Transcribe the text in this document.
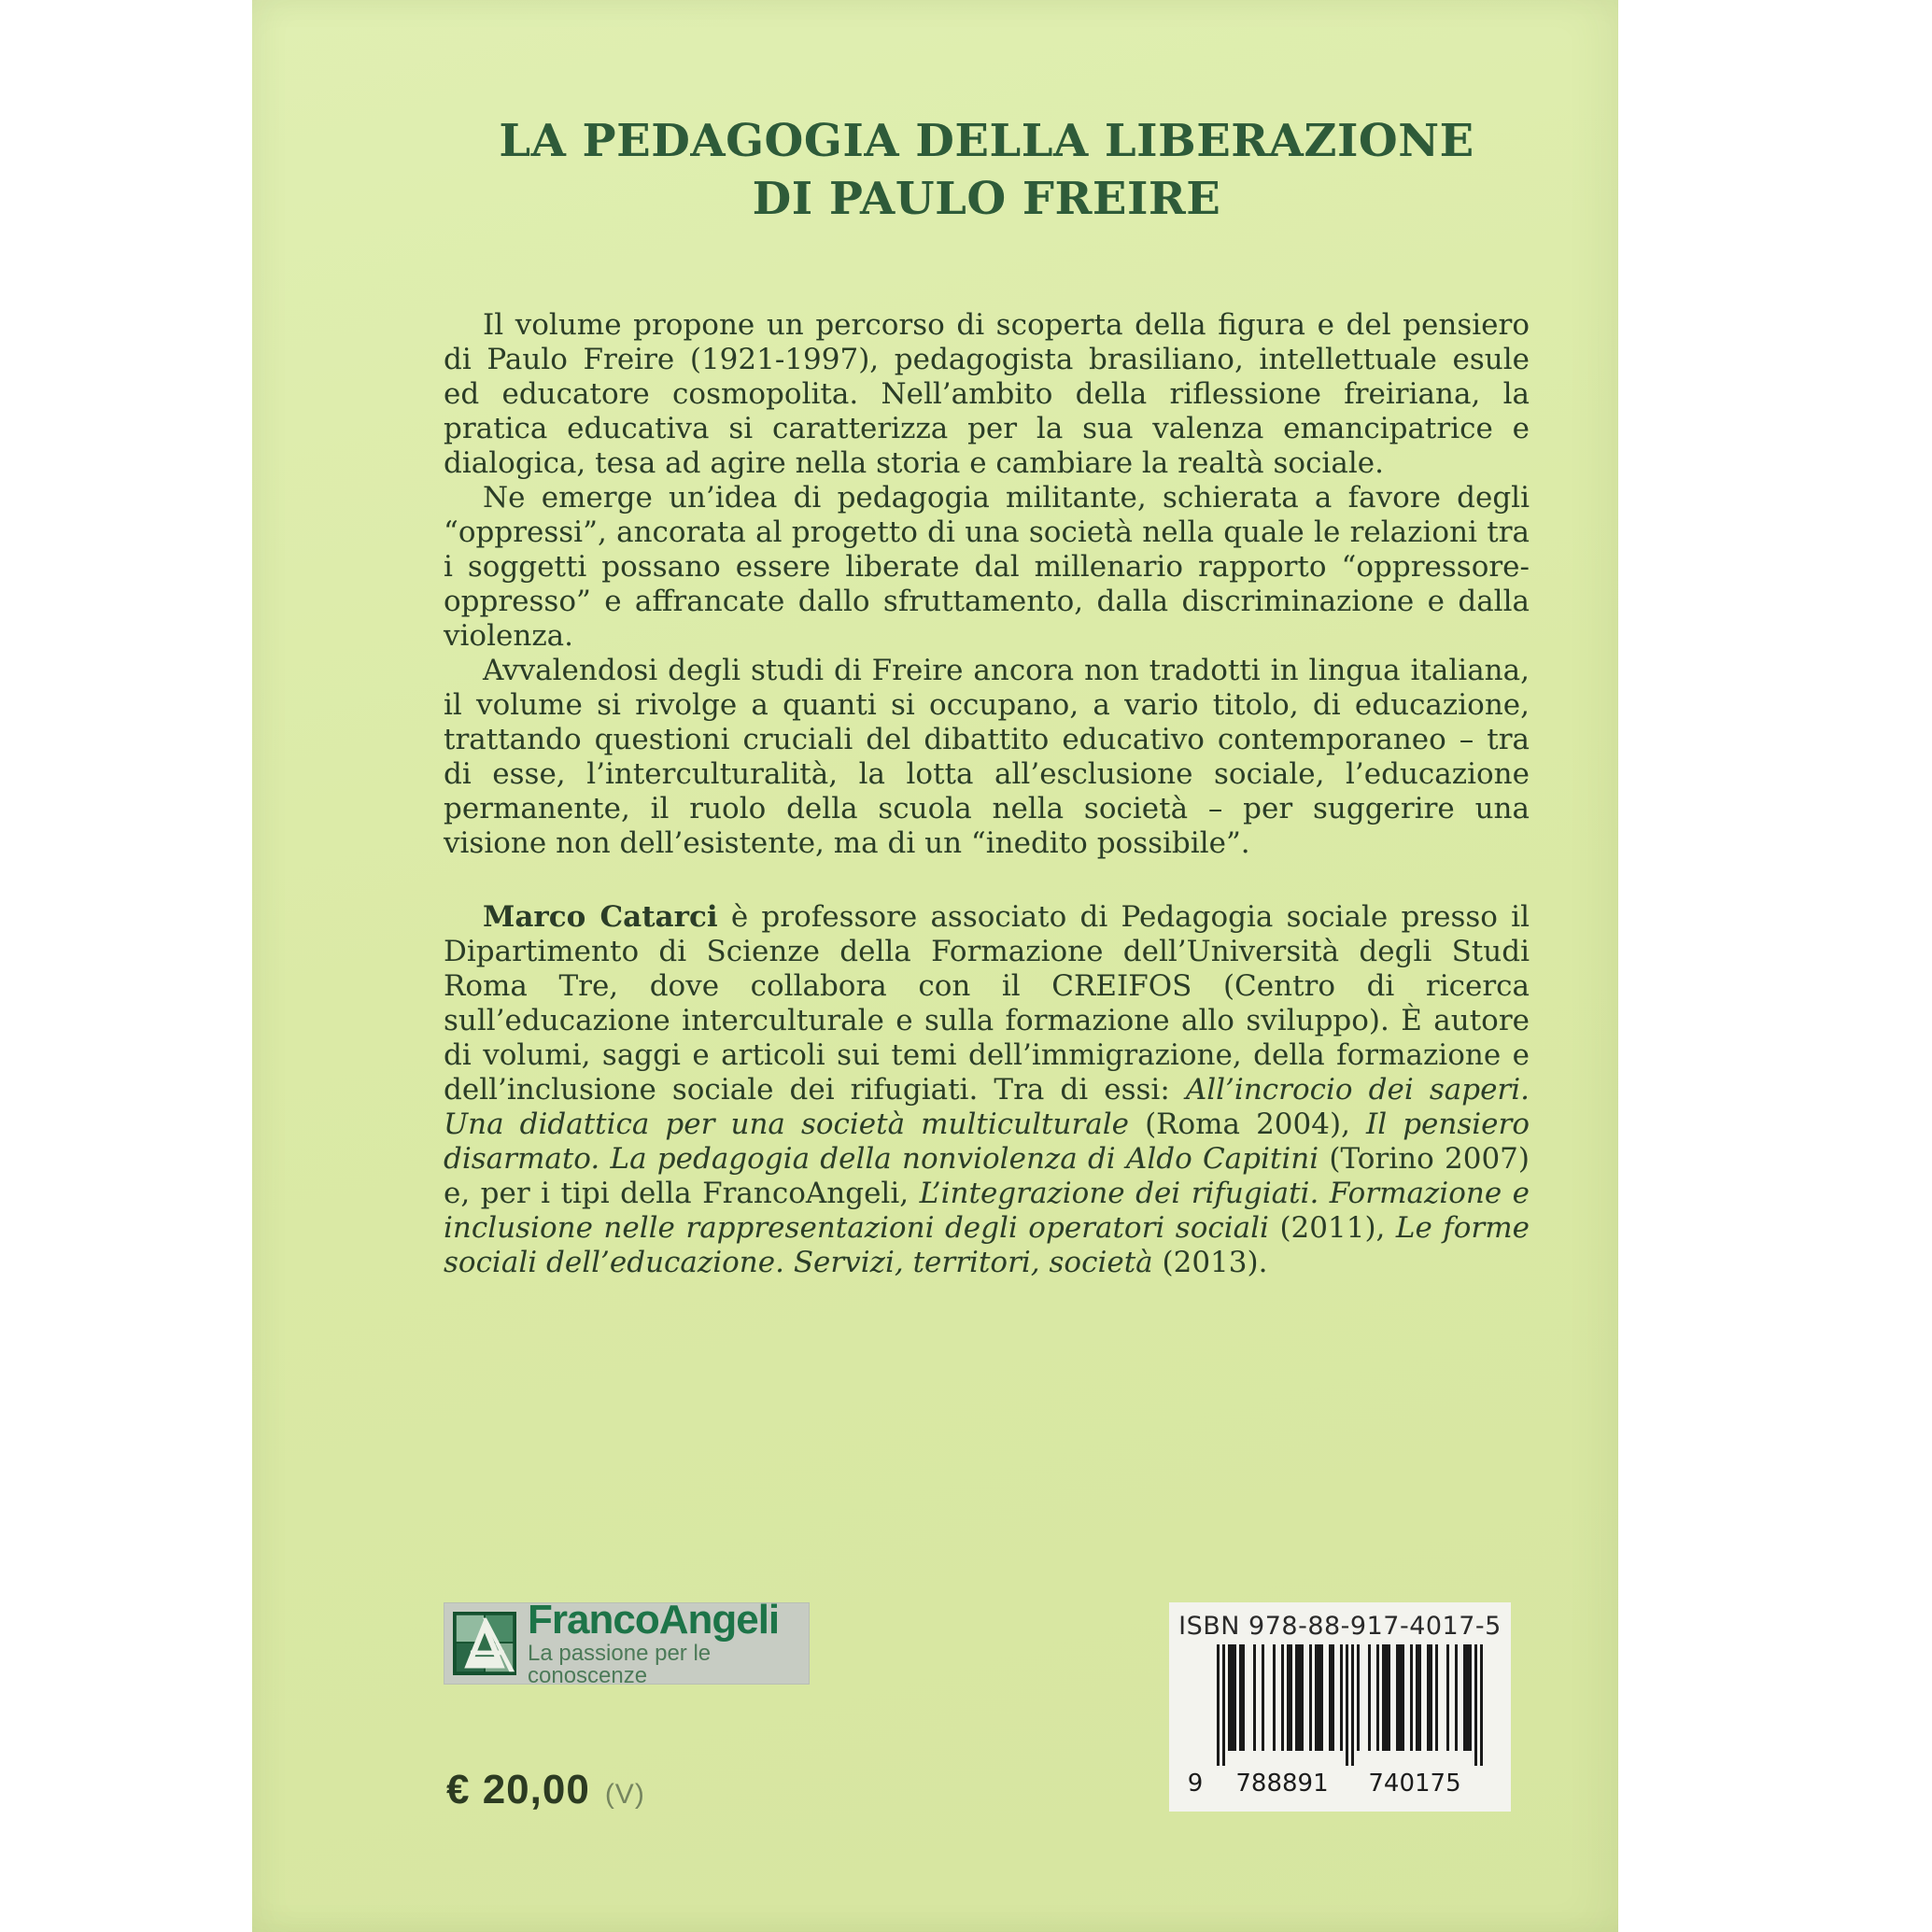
LA PEDAGOGIA DELLA LIBERAZIONE
DI PAULO FREIRE

Il volume propone un percorso di scoperta della figura e del pensiero di Paulo Freire (1921-1997), pedagogista brasiliano, intellettuale esule ed educatore cosmopolita. Nell’ambito della riflessione freiriana, la pratica educativa si caratterizza per la sua valenza emancipatrice e dialogica, tesa ad agire nella storia e cambiare la realtà sociale.

Ne emerge un’idea di pedagogia militante, schierata a favore degli “oppressi”, ancorata al progetto di una società nella quale le relazioni tra i soggetti possano essere liberate dal millenario rapporto “oppressore-oppresso” e affrancate dallo sfruttamento, dalla discriminazione e dalla violenza.

Avvalendosi degli studi di Freire ancora non tradotti in lingua italiana, il volume si rivolge a quanti si occupano, a vario titolo, di educazione, trattando questioni cruciali del dibattito educativo contemporaneo – tra di esse, l’interculturalità, la lotta all’esclusione sociale, l’educazione permanente, il ruolo della scuola nella società – per suggerire una visione non dell’esistente, ma di un “inedito possibile”.

Marco Catarci è professore associato di Pedagogia sociale presso il Dipartimento di Scienze della Formazione dell’Università degli Studi Roma Tre, dove collabora con il CREIFOS (Centro di ricerca sull’educazione interculturale e sulla formazione allo sviluppo). È autore di volumi, saggi e articoli sui temi dell’immigrazione, della formazione e dell’inclusione sociale dei rifugiati. Tra di essi: All’incrocio dei saperi. Una didattica per una società multiculturale (Roma 2004), Il pensiero disarmato. La pedagogia della nonviolenza di Aldo Capitini (Torino 2007) e, per i tipi della FrancoAngeli, L’integrazione dei rifugiati. Formazione e inclusione nelle rappresentazioni degli operatori sociali (2011), Le forme sociali dell’educazione. Servizi, territori, società (2013).

FrancoAngeli
La passione per le conoscenze

ISBN 978-88-917-4017-5

9	788891	740175
€ 20,00 (V)
